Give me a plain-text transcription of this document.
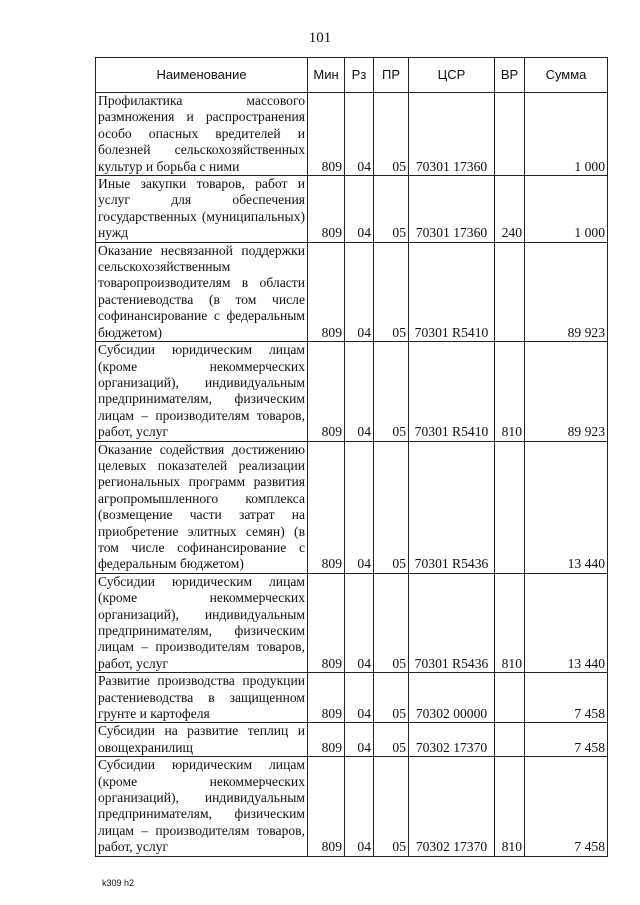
101
Наименование	Мин	Рз	ПР	ЦСР	ВР	Сумма
Профилактика массового размножения и распространения особо опасных вредителей и болезней сельскохозяйственных культур и борьба с ними	809	04	05	70301 17360		1 000
Иные закупки товаров, работ и услуг для обеспечения государственных (муниципальных) нужд	809	04	05	70301 17360	240	1 000
Оказание несвязанной поддержки сельскохозяйственным товаропроизводителям в области растениеводства (в том числе софинансирование с федеральным бюджетом)	809	04	05	70301 R5410		89 923
Субсидии юридическим лицам (кроме некоммерческих организаций), индивидуальным предпринимателям, физическим лицам – производителям товаров, работ, услуг	809	04	05	70301 R5410	810	89 923
Оказание содействия достижению целевых показателей реализации региональных программ развития агропромышленного комплекса (возмещение части затрат на приобретение элитных семян) (в том числе софинансирование с федеральным бюджетом)	809	04	05	70301 R5436		13 440
Субсидии юридическим лицам (кроме некоммерческих организаций), индивидуальным предпринимателям, физическим лицам – производителям товаров, работ, услуг	809	04	05	70301 R5436	810	13 440
Развитие производства продукции растениеводства в защищенном грунте и картофеля	809	04	05	70302 00000		7 458
Субсидии на развитие теплиц и овощехранилищ	809	04	05	70302 17370		7 458
Субсидии юридическим лицам (кроме некоммерческих организаций), индивидуальным предпринимателям, физическим лицам – производителям товаров, работ, услуг	809	04	05	70302 17370	810	7 458
k309 h2
